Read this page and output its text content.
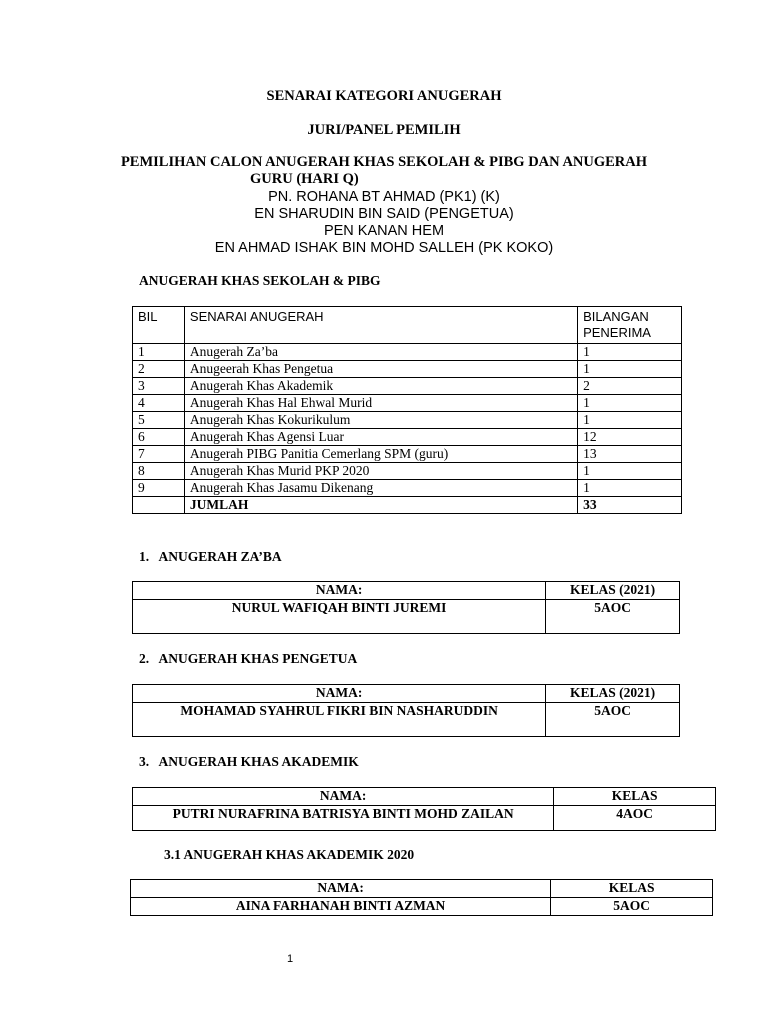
SENARAI KATEGORI ANUGERAH
JURI/PANEL PEMILIH
PEMILIHAN CALON ANUGERAH KHAS SEKOLAH & PIBG DAN ANUGERAH
GURU (HARI Q)
PN. ROHANA BT AHMAD (PK1) (K)
EN SHARUDIN BIN SAID (PENGETUA)
PEN KANAN HEM
EN AHMAD ISHAK BIN MOHD SALLEH (PK KOKO)
ANUGERAH KHAS SEKOLAH & PIBG
BIL	SENARAI ANUGERAH	BILANGAN PENERIMA
1	Anugerah Za’ba	1
2	Anugeerah Khas Pengetua	1
3	Anugerah Khas Akademik	2
4	Anugerah Khas Hal Ehwal Murid	1
5	Anugerah Khas Kokurikulum	1
6	Anugerah Khas Agensi Luar	12
7	Anugerah PIBG Panitia Cemerlang SPM (guru)	13
8	Anugerah Khas Murid PKP 2020	1
9	Anugerah Khas Jasamu Dikenang	1
	JUMLAH	33
1. ANUGERAH ZA’BA
NAMA:	KELAS (2021)
NURUL WAFIQAH BINTI JUREMI	5AOC
2. ANUGERAH KHAS PENGETUA
NAMA:	KELAS (2021)
MOHAMAD SYAHRUL FIKRI BIN NASHARUDDIN	5AOC
3. ANUGERAH KHAS AKADEMIK
NAMA:	KELAS
PUTRI NURAFRINA BATRISYA BINTI MOHD ZAILAN	4AOC
3.1 ANUGERAH KHAS AKADEMIK 2020
NAMA:	KELAS
AINA FARHANAH BINTI AZMAN	5AOC
1
